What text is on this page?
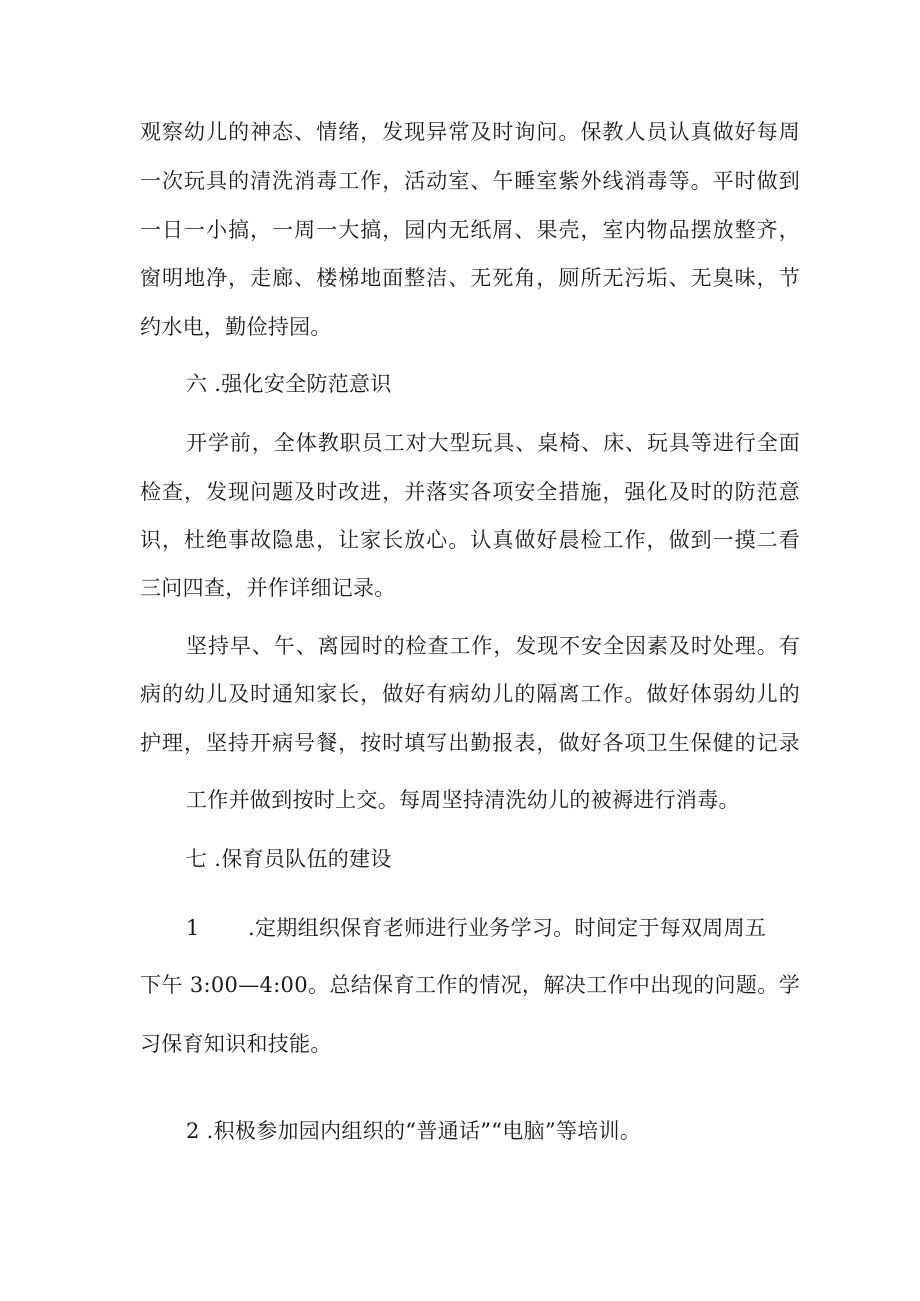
观察幼儿的神态、情绪，发现异常及时询问。保教人员认真做好每周
一次玩具的清洗消毒工作，活动室、午睡室紫外线消毒等。平时做到
一日一小搞，一周一大搞，园内无纸屑、果壳，室内物品摆放整齐，
窗明地净，走廊、楼梯地面整洁、无死角，厕所无污垢、无臭味，节
约水电，勤俭持园。
六 .强化安全防范意识
开学前，全体教职员工对大型玩具、桌椅、床、玩具等进行全面
检查，发现问题及时改进，并落实各项安全措施，强化及时的防范意
识，杜绝事故隐患，让家长放心。认真做好晨检工作，做到一摸二看
三问四查，并作详细记录。
坚持早、午、离园时的检查工作，发现不安全因素及时处理。有
病的幼儿及时通知家长，做好有病幼儿的隔离工作。做好体弱幼儿的
护理，坚持开病号餐，按时填写出勤报表，做好各项卫生保健的记录
工作并做到按时上交。每周坚持清洗幼儿的被褥进行消毒。
七 .保育员队伍的建设
1 .定期组织保育老师进行业务学习。时间定于每双周周五
下午 3:00—4:00。总结保育工作的情况，解决工作中出现的问题。学
习保育知识和技能。
2 .积极参加园内组织的“普通话”“电脑”等培训。
